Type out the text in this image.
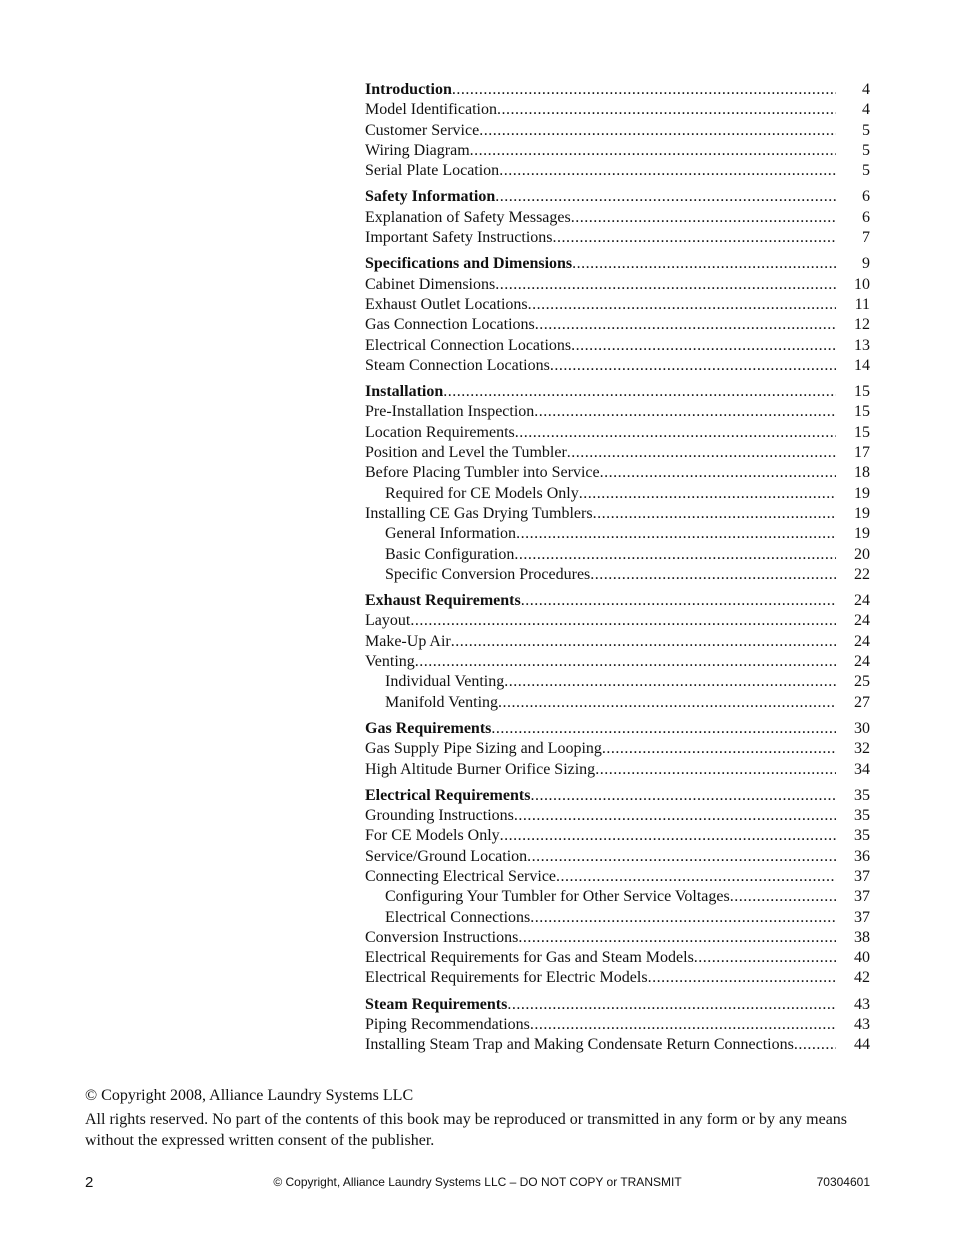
Introduction .....	4
Model Identification .....	4
Customer Service .....	5
Wiring Diagram .....	5
Serial Plate Location .....	5
Safety Information .....	6
Explanation of Safety Messages .....	6
Important Safety Instructions .....	7
Specifications and Dimensions .....	9
Cabinet Dimensions .....	10
Exhaust Outlet Locations .....	11
Gas Connection Locations .....	12
Electrical Connection Locations .....	13
Steam Connection Locations .....	14
Installation .....	15
Pre-Installation Inspection .....	15
Location Requirements .....	15
Position and Level the Tumbler .....	17
Before Placing Tumbler into Service .....	18
Required for CE Models Only .....	19
Installing CE Gas Drying Tumblers .....	19
General Information .....	19
Basic Configuration .....	20
Specific Conversion Procedures .....	22
Exhaust Requirements .....	24
Layout .....	24
Make-Up Air .....	24
Venting .....	24
Individual Venting .....	25
Manifold Venting .....	27
Gas Requirements .....	30
Gas Supply Pipe Sizing and Looping .....	32
High Altitude Burner Orifice Sizing .....	34
Electrical Requirements .....	35
Grounding Instructions .....	35
For CE Models Only .....	35
Service/Ground Location .....	36
Connecting Electrical Service .....	37
Configuring Your Tumbler for Other Service Voltages .....	37
Electrical Connections .....	37
Conversion Instructions .....	38
Electrical Requirements for Gas and Steam Models .....	40
Electrical Requirements for Electric Models .....	42
Steam Requirements .....	43
Piping Recommendations .....	43
Installing Steam Trap and Making Condensate Return Connections .....	44

© Copyright 2008, Alliance Laundry Systems LLC

All rights reserved. No part of the contents of this book may be reproduced or transmitted in any form or by any means without the expressed written consent of the publisher.

2	© Copyright, Alliance Laundry Systems LLC – DO NOT COPY or TRANSMIT	70304601
